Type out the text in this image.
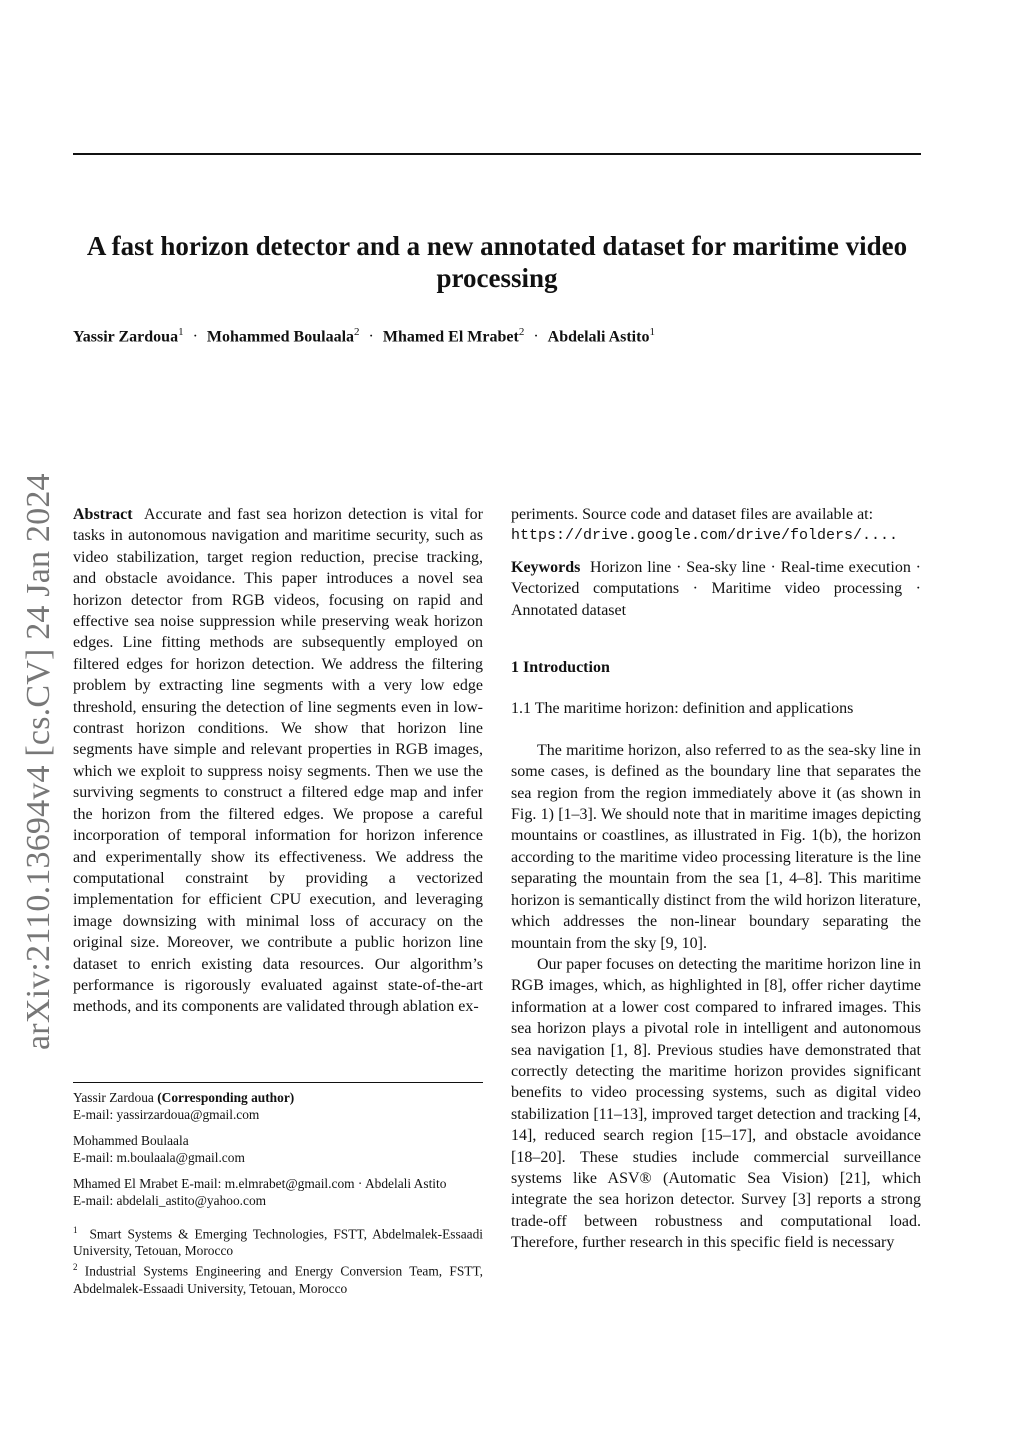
A fast horizon detector and a new annotated dataset for maritime video processing
Yassir Zardoua$^1$ · Mohammed Boulaala$^2$ · Mhamed El Mrabet$^2$ · Abdelali Astito$^1$
arXiv:2110.13694v4 [cs.CV] 24 Jan 2024 Abstract Accurate and fast sea horizon detection is vital for tasks in autonomous navigation and maritime security, such as video stabilization, target region reduction, precise tracking, and obstacle avoidance. This paper introduces a novel sea horizon detector from RGB videos, focusing on rapid and effective sea noise suppression while preserving weak horizon edges. Line fitting methods are subsequently employed on filtered edges for horizon detection. We address the filtering problem by extracting line segments with a very low edge threshold, ensuring the detection of line segments even in low-contrast horizon conditions. We show that horizon line segments have simple and relevant properties in RGB images, which we exploit to suppress noisy segments. Then we use the surviving segments to construct a filtered edge map and infer the horizon from the filtered edges. We propose a careful incorporation of temporal information for horizon inference and experimentally show its effectiveness. We address the computational constraint by providing a vectorized implementation for efficient CPU execution, and leveraging image downsizing with minimal loss of accuracy on the original size. Moreover, we contribute a public horizon line dataset to enrich existing data resources. Our algorithm’s performance is rigorously evaluated against state-of-the-art methods, and its components are validated through ablation ex-

Yassir Zardoua (Corresponding author)

E-mail: yassirzardoua@gmail.com

Mohammed Boulaala

E-mail: m.boulaala@gmail.com

Mhamed El Mrabet E-mail: m.elmrabet@gmail.com · Abdelali Astito

E-mail: abdelali_astito@yahoo.com

$^1$ Smart Systems & Emerging Technologies, FSTT, Abdelmalek-Essaadi University, Tetouan, Morocco

$^2$ Industrial Systems Engineering and Energy Conversion Team, FSTT, Abdelmalek-Essaadi University, Tetouan, Morocco

periments. Source code and dataset files are available at:

https://drive.google.com/drive/folders/....

Keywords Horizon line · Sea-sky line · Real-time execution · Vectorized computations · Maritime video processing · Annotated dataset

1 Introduction

1.1 The maritime horizon: definition and applications

The maritime horizon, also referred to as the sea-sky line in some cases, is defined as the boundary line that separates the sea region from the region immediately above it (as shown in Fig. 1) [1–3]. We should note that in maritime images depicting mountains or coastlines, as illustrated in Fig. 1(b), the horizon according to the maritime video processing literature is the line separating the mountain from the sea [1, 4–8]. This maritime horizon is semantically distinct from the wild horizon literature, which addresses the non-linear boundary separating the mountain from the sky [9, 10].

Our paper focuses on detecting the maritime horizon line in RGB images, which, as highlighted in [8], offer richer daytime information at a lower cost compared to infrared images. This sea horizon plays a pivotal role in intelligent and autonomous sea navigation [1, 8]. Previous studies have demonstrated that correctly detecting the maritime horizon provides significant benefits to video processing systems, such as digital video stabilization [11–13], improved target detection and tracking [4, 14], reduced search region [15–17], and obstacle avoidance [18–20]. These studies include commercial surveillance systems like ASV® (Automatic Sea Vision) [21], which integrate the sea horizon detector. Survey [3] reports a strong trade-off between robustness and computational load. Therefore, further research in this specific field is necessary
